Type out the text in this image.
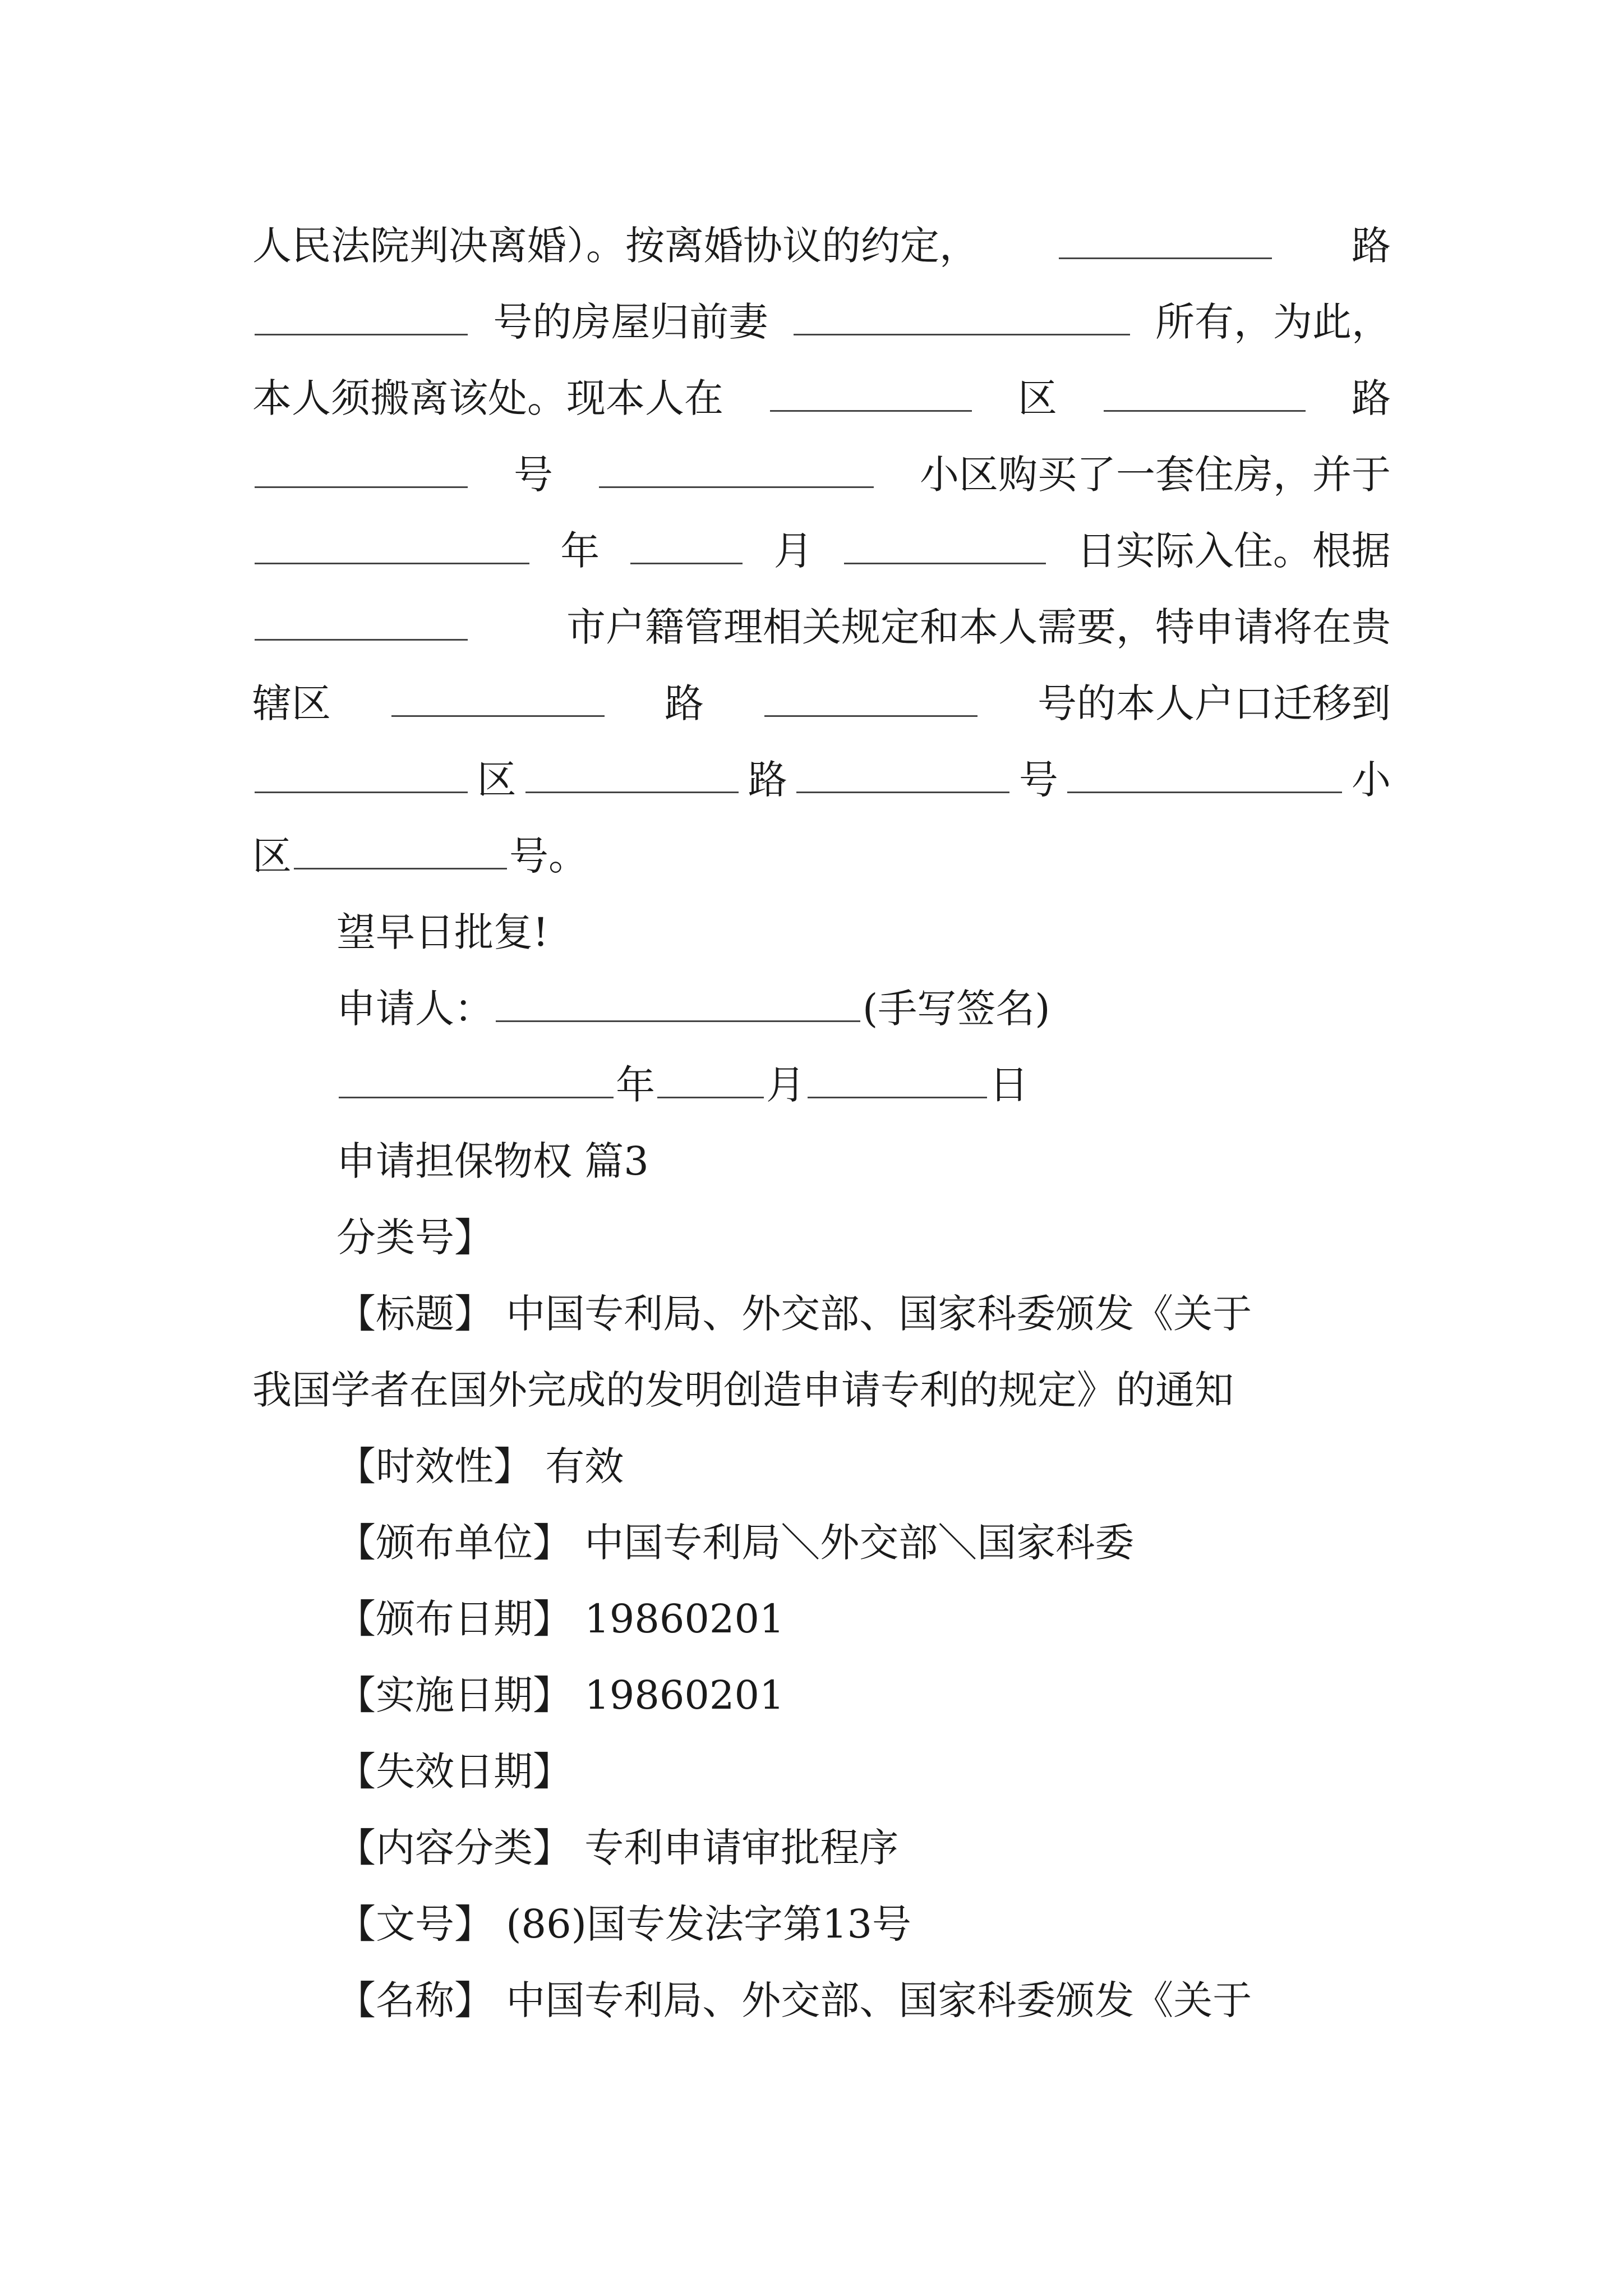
人民法院判决离婚）。按离婚协议的约定，	路
号的房屋归前妻	所有，为此，
本人须搬离该处。现本人在	区	路
号	小区购买了一套住房，并于
年	月	日实际入住。根据
市户籍管理相关规定和本人需要，特申请将在贵
辖区	路	号的本人户口迁移到
区	路	号	小
区	号。
望早日批复!
申请人：	(手写签名)
年	月	日
申请担保物权 篇3
分类号】
【标题】 中国专利局、外交部、国家科委颁发《关于
我国学者在国外完成的发明创造申请专利的规定》的通知
【时效性】 有效
【颁布单位】 中国专利局＼外交部＼国家科委
【颁布日期】 19860201
【实施日期】 19860201
【失效日期】
【内容分类】 专利申请审批程序
【文号】 (86)国专发法字第13号
【名称】 中国专利局、外交部、国家科委颁发《关于
